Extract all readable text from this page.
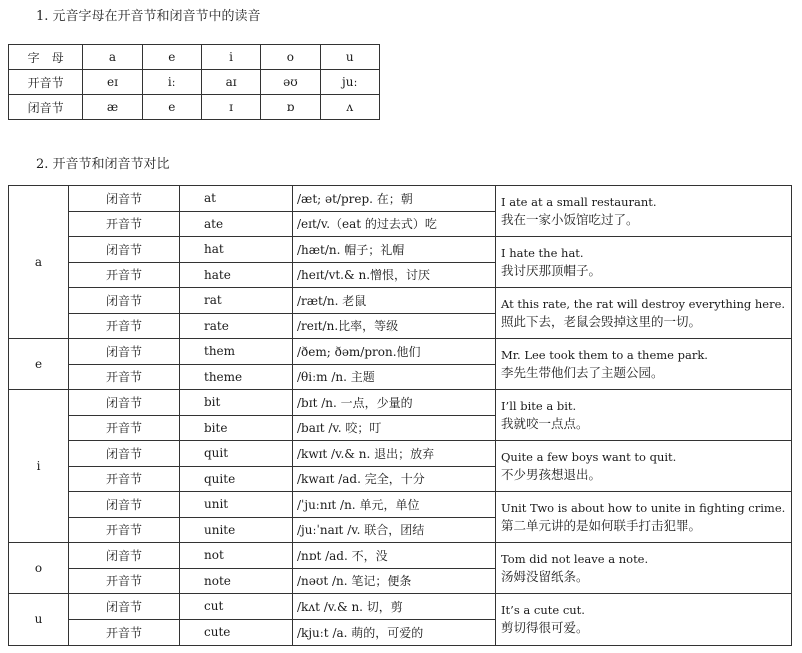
1. 元音字母在开音节和闭音节中的读音
字　母	a	e	i	o	u
开音节	eɪ	iː	aɪ	əʊ	juː
闭音节	æ	e	ɪ	ɒ	ʌ
2. 开音节和闭音节对比
a	闭音节	at	/æt; ət/prep. 在；朝	I ate at a small restaurant.
我在一家小饭馆吃过了。

	开音节	ate	/eɪt/v.（eat 的过去式）吃	
	闭音节	hat	/hæt/n. 帽子；礼帽	I hate the hat.
我讨厌那顶帽子。

	开音节	hate	/heɪt/vt.& n.憎恨，讨厌	
	闭音节	rat	/ræt/n. 老鼠	At this rate, the rat will destroy everything here.
照此下去，老鼠会毁掉这里的一切。

	开音节	rate	/reɪt/n.比率，等级	
e	闭音节	them	/ðem; ðəm/pron.他们	Mr. Lee took them to a theme park.
李先生带他们去了主题公园。

	开音节	theme	/θiːm /n. 主题	
i	闭音节	bit	/bɪt /n. 一点，少量的	I’ll bite a bit.
我就咬一点点。

	开音节	bite	/baɪt /v. 咬；叮	
	闭音节	quit	/kwɪt /v.& n. 退出；放弃	Quite a few boys want to quit.
不少男孩想退出。

	开音节	quite	/kwaɪt /ad. 完全，十分	
	闭音节	unit	/ˈjuːnɪt /n. 单元，单位	Unit Two is about how to unite in fighting crime.
第二单元讲的是如何联手打击犯罪。

	开音节	unite	/juːˈnaɪt /v. 联合，团结	
o	闭音节	not	/nɒt /ad. 不，没	Tom did not leave a note.
汤姆没留纸条。

	开音节	note	/nəʊt /n. 笔记；便条	
u	闭音节	cut	/kʌt /v.& n. 切，剪	It’s a cute cut.
剪切得很可爱。

	开音节	cute	/kjuːt /a. 萌的，可爱的	
